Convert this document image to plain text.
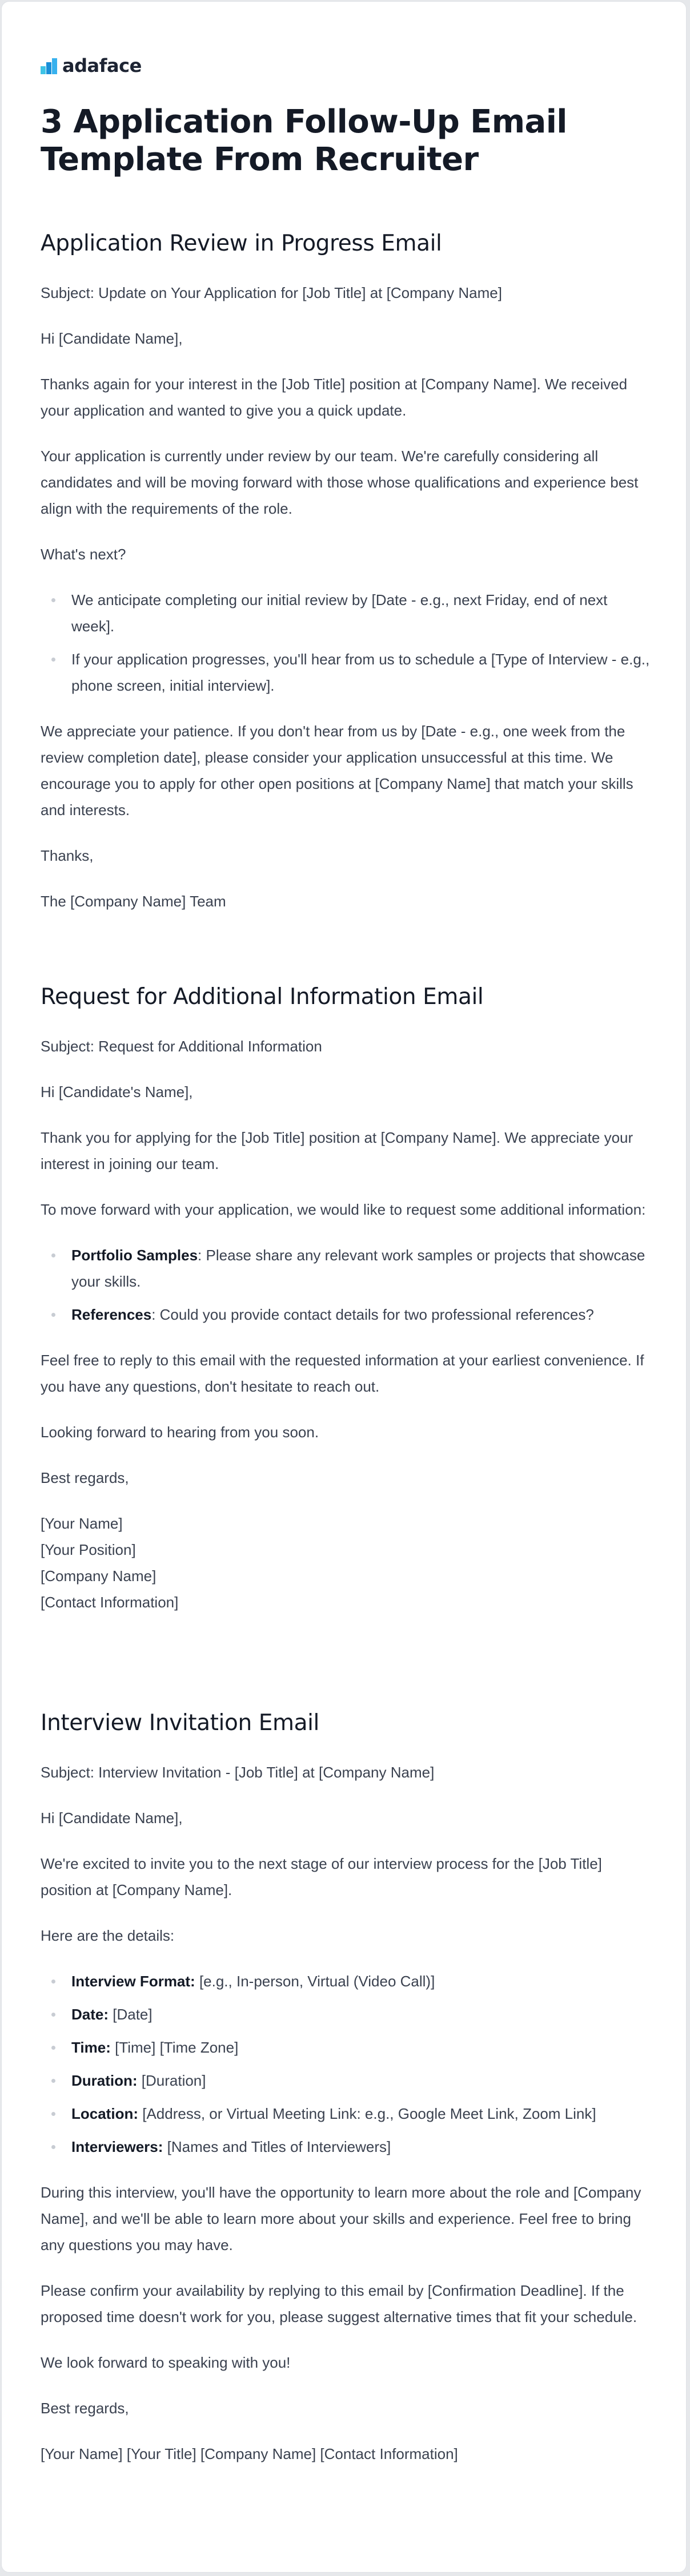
adaface
3 Application Follow-Up Email Template From Recruiter
Application Review in Progress Email

Subject: Update on Your Application for [Job Title] at [Company Name]

Hi [Candidate Name],

Thanks again for your interest in the [Job Title] position at [Company Name]. We received your application and wanted to give you a quick update.

Your application is currently under review by our team. We're carefully considering all candidates and will be moving forward with those whose qualifications and experience best align with the requirements of the role.

What's next?

We anticipate completing our initial review by [Date - e.g., next Friday, end of next week].
If your application progresses, you'll hear from us to schedule a [Type of Interview - e.g., phone screen, initial interview].

We appreciate your patience. If you don't hear from us by [Date - e.g., one week from the review completion date], please consider your application unsuccessful at this time. We encourage you to apply for other open positions at [Company Name] that match your skills and interests.

Thanks,

The [Company Name] Team

Request for Additional Information Email

Subject: Request for Additional Information

Hi [Candidate's Name],

Thank you for applying for the [Job Title] position at [Company Name]. We appreciate your interest in joining our team.

To move forward with your application, we would like to request some additional information:

Portfolio Samples: Please share any relevant work samples or projects that showcase your skills.
References: Could you provide contact details for two professional references?

Feel free to reply to this email with the requested information at your earliest convenience. If you have any questions, don't hesitate to reach out.

Looking forward to hearing from you soon.

Best regards,

[Your Name]

[Your Position]

[Company Name]

[Contact Information]

Interview Invitation Email

Subject: Interview Invitation - [Job Title] at [Company Name]

Hi [Candidate Name],

We're excited to invite you to the next stage of our interview process for the [Job Title] position at [Company Name].

Here are the details:

Interview Format: [e.g., In-person, Virtual (Video Call)]
Date: [Date]
Time: [Time] [Time Zone]
Duration: [Duration]
Location: [Address, or Virtual Meeting Link: e.g., Google Meet Link, Zoom Link]
Interviewers: [Names and Titles of Interviewers]

During this interview, you'll have the opportunity to learn more about the role and [Company Name], and we'll be able to learn more about your skills and experience. Feel free to bring any questions you may have.

Please confirm your availability by replying to this email by [Confirmation Deadline]. If the proposed time doesn't work for you, please suggest alternative times that fit your schedule.

We look forward to speaking with you!

Best regards,

[Your Name] [Your Title] [Company Name] [Contact Information]
